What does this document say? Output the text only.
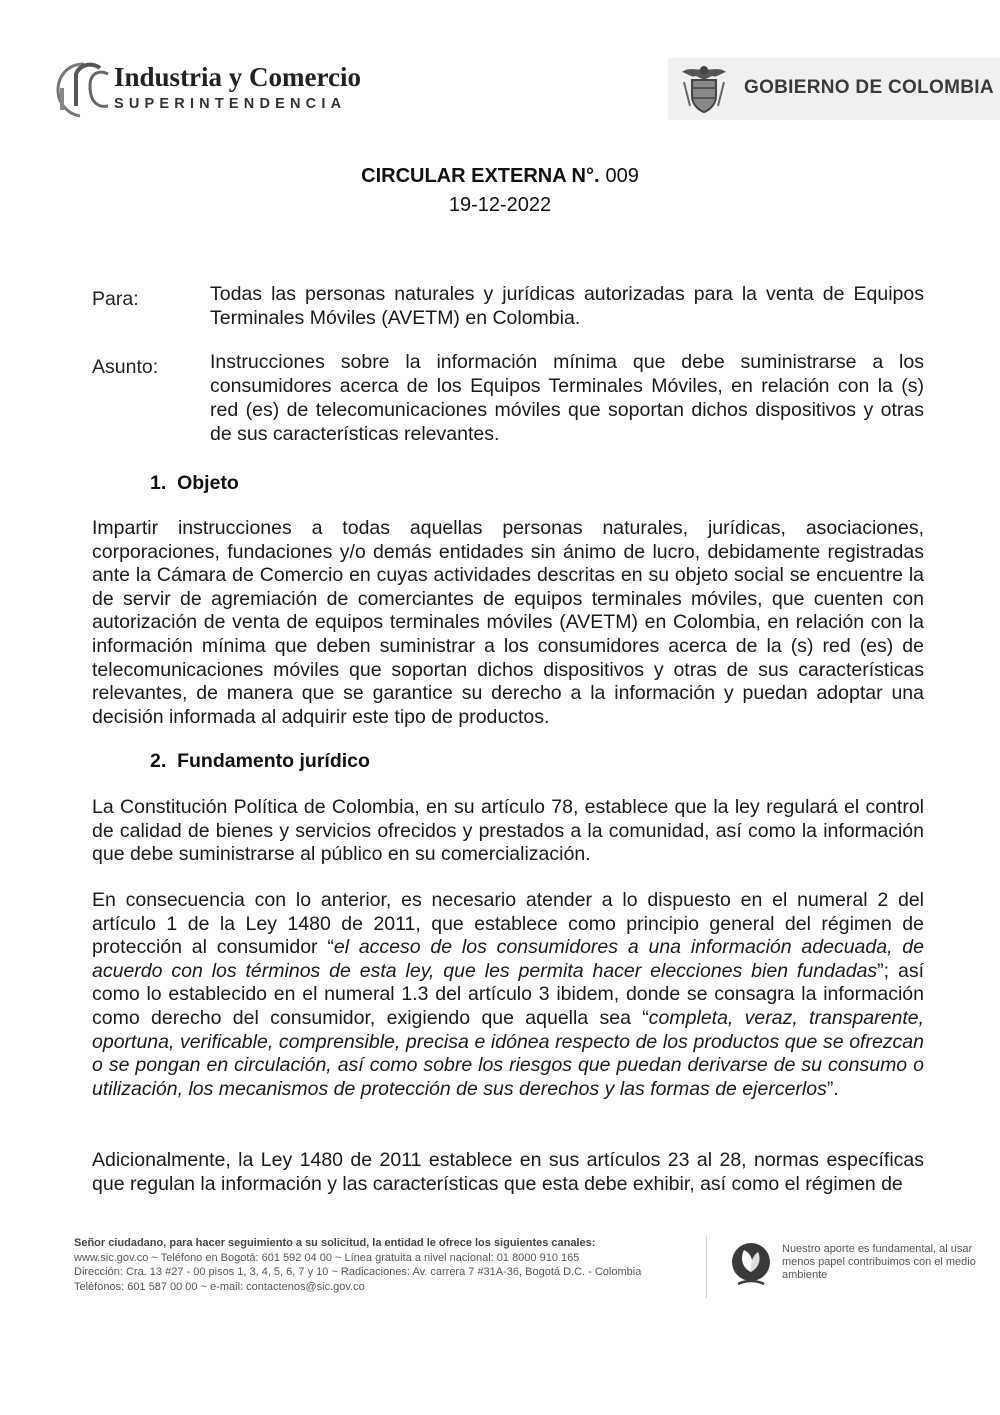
Industria y Comercio
SUPERINTENDENCIA
GOBIERNO DE COLOMBIA
CIRCULAR EXTERNA N°. 009
19-12-2022
Para:	Todas las personas naturales y jurídicas autorizadas para la venta de Equipos Terminales Móviles (AVETM) en Colombia.
Asunto:	Instrucciones sobre la información mínima que debe suministrarse a los consumidores acerca de los Equipos Terminales Móviles, en relación con la (s) red (es) de telecomunicaciones móviles que soportan dichos dispositivos y otras de sus características relevantes.
1.  Objeto
Impartir instrucciones a todas aquellas personas naturales, jurídicas, asociaciones, corporaciones, fundaciones y/o demás entidades sin ánimo de lucro, debidamente registradas ante la Cámara de Comercio en cuyas actividades descritas en su objeto social se encuentre la de servir de agremiación de comerciantes de equipos terminales móviles, que cuenten con autorización de venta de equipos terminales móviles (AVETM) en Colombia, en relación con la información mínima que deben suministrar a los consumidores acerca de la (s) red (es) de telecomunicaciones móviles que soportan dichos dispositivos y otras de sus características relevantes, de manera que se garantice su derecho a la información y puedan adoptar una decisión informada al adquirir este tipo de productos.
2.  Fundamento jurídico
La Constitución Política de Colombia, en su artículo 78, establece que la ley regulará el control de calidad de bienes y servicios ofrecidos y prestados a la comunidad, así como la información que debe suministrarse al público en su comercialización.
En consecuencia con lo anterior, es necesario atender a lo dispuesto en el numeral 2 del artículo 1 de la Ley 1480 de 2011, que establece como principio general del régimen de protección al consumidor “el acceso de los consumidores a una información adecuada, de acuerdo con los términos de esta ley, que les permita hacer elecciones bien fundadas”; así como lo establecido en el numeral 1.3 del artículo 3 ibidem, donde se consagra la información como derecho del consumidor, exigiendo que aquella sea “completa, veraz, transparente, oportuna, verificable, comprensible, precisa e idónea respecto de los productos que se ofrezcan o se pongan en circulación, así como sobre los riesgos que puedan derivarse de su consumo o utilización, los mecanismos de protección de sus derechos y las formas de ejercerlos”.
Adicionalmente, la Ley 1480 de 2011 establece en sus artículos 23 al 28, normas específicas que regulan la información y las características que esta debe exhibir, así como el régimen de
Señor ciudadano, para hacer seguimiento a su solicitud, la entidad le ofrece los siguientes canales:
www.sic.gov.co ~ Teléfono en Bogotá: 601 592 04 00 ~ Línea gratuita a nivel nacional: 01 8000 910 165
Dirección: Cra. 13 #27 - 00 pisos 1, 3, 4, 5, 6, 7 y 10 ~ Radicaciones: Av. carrera 7 #31A-36, Bogotá D.C. - Colombia
Teléfonos: 601 587 00 00 ~ e-mail: contactenos@sic.gov.co
Nuestro aporte es fundamental, al usar menos papel contribuimos con el medio ambiente
